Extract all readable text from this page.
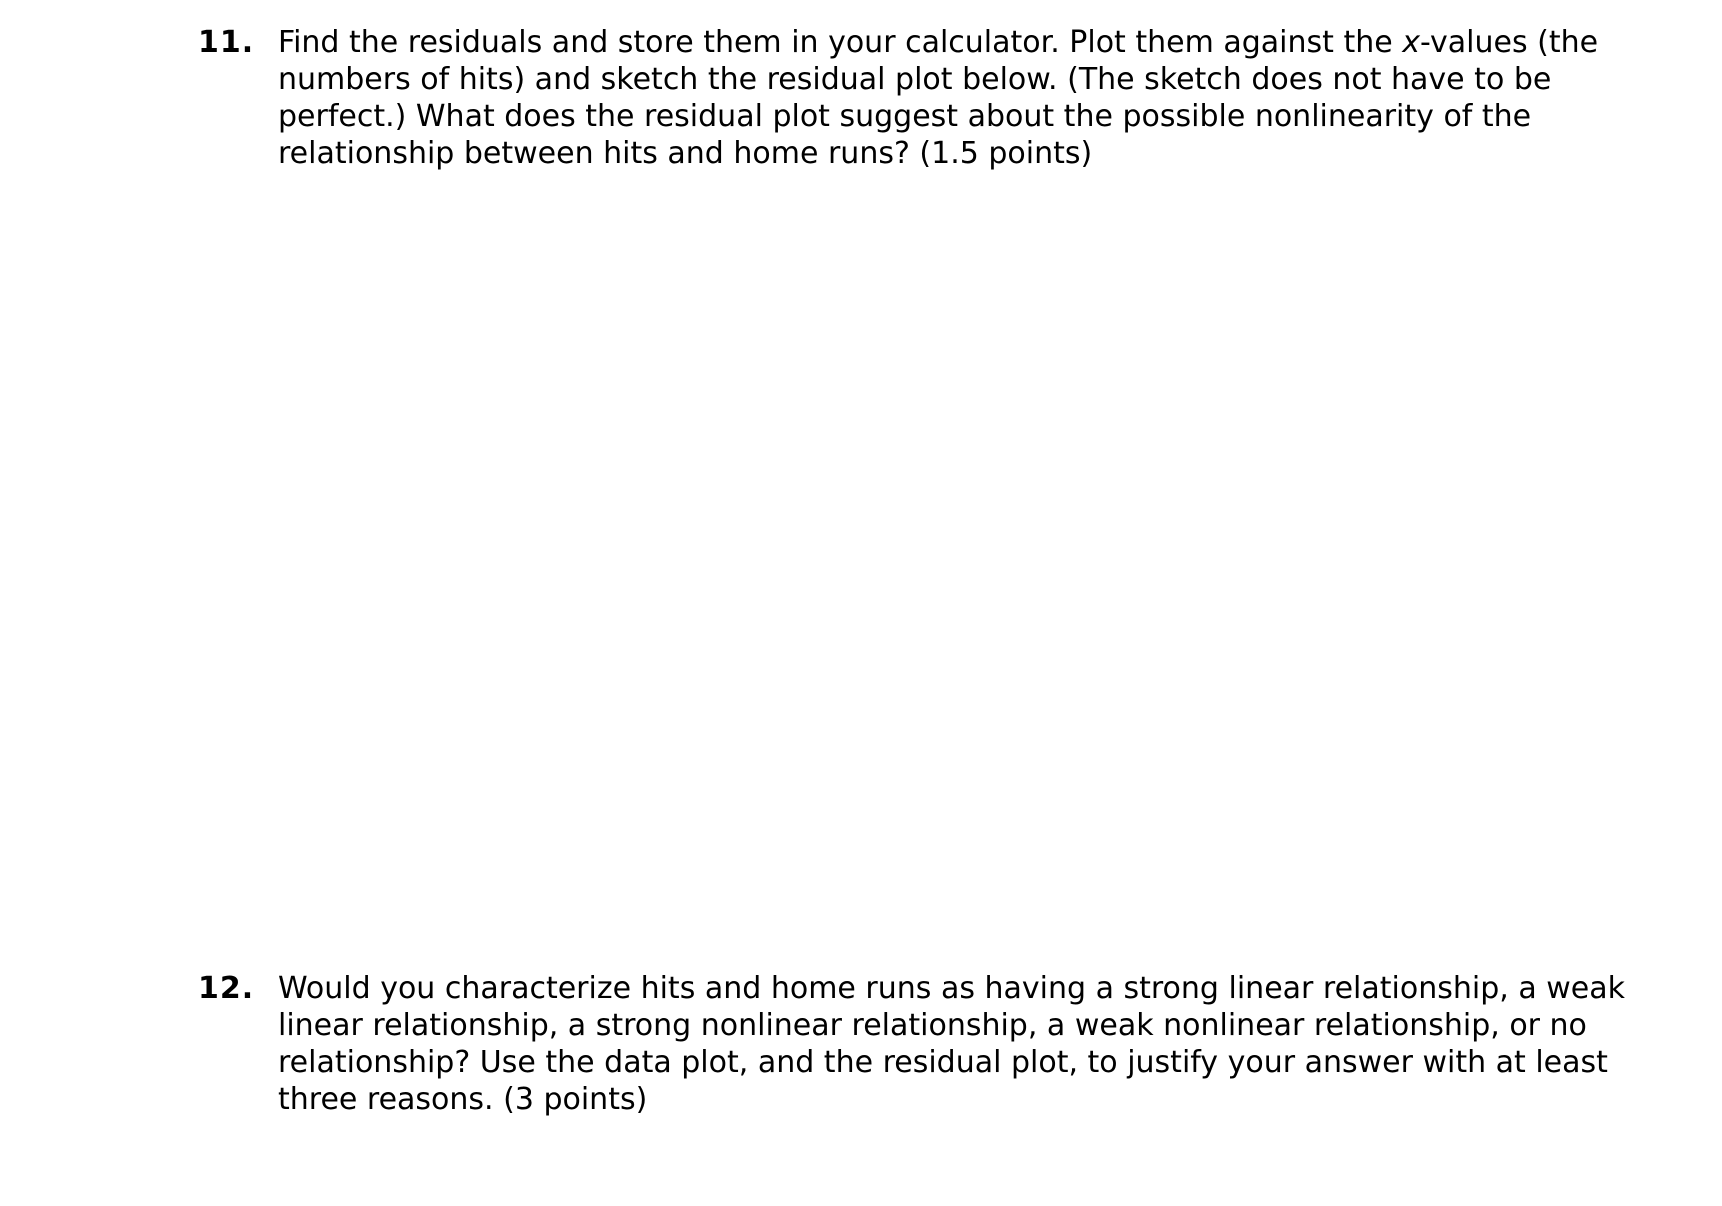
11. Find the residuals and store them in your calculator. Plot them against the x-values (the numbers of hits) and sketch the residual plot below. (The sketch does not have to be perfect.) What does the residual plot suggest about the possible nonlinearity of the relationship between hits and home runs? (1.5 points)

12. Would you characterize hits and home runs as having a strong linear relationship, a weak linear relationship, a strong nonlinear relationship, a weak nonlinear relationship, or no relationship? Use the data plot, and the residual plot, to justify your answer with at least three reasons. (3 points)
